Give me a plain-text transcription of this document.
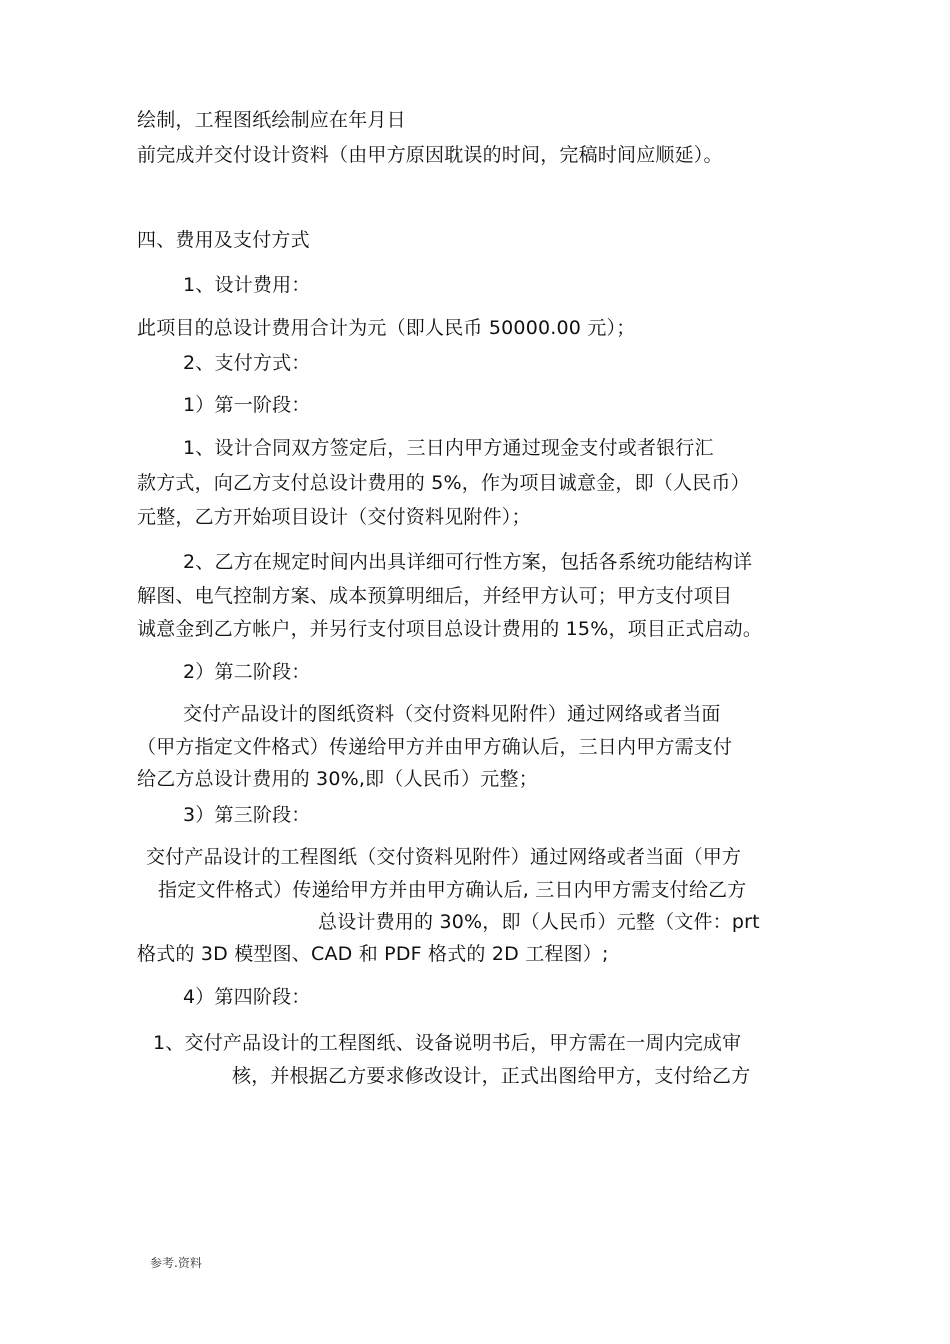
绘制，工程图纸绘制应在年月日
前完成并交付设计资料（由甲方原因耽误的时间，完稿时间应顺延）。
四、费用及支付方式
1、设计费用：
此项目的总设计费用合计为元（即人民币 50000.00 元）；
2、支付方式：
1）第一阶段：
1、设计合同双方签定后，三日内甲方通过现金支付或者银行汇
款方式，向乙方支付总设计费用的 5%，作为项目诚意金，即（人民币）
元整，乙方开始项目设计（交付资料见附件）；
2、乙方在规定时间内出具详细可行性方案，包括各系统功能结构详
解图、电气控制方案、成本预算明细后，并经甲方认可；甲方支付项目
诚意金到乙方帐户，并另行支付项目总设计费用的 15%，项目正式启动。
2）第二阶段：
交付产品设计的图纸资料（交付资料见附件）通过网络或者当面
（甲方指定文件格式）传递给甲方并由甲方确认后，三日内甲方需支付
给乙方总设计费用的 30%,即（人民币）元整；
3）第三阶段：
交付产品设计的工程图纸（交付资料见附件）通过网络或者当面（甲方
指定文件格式）传递给甲方并由甲方确认后, 三日内甲方需支付给乙方
总设计费用的 30%，即（人民币）元整（文件：prt
格式的 3D 模型图、CAD 和 PDF 格式的 2D 工程图）;
4）第四阶段：
1、交付产品设计的工程图纸、设备说明书后，甲方需在一周内完成审
核，并根据乙方要求修改设计，正式出图给甲方，支付给乙方
参考.资料
